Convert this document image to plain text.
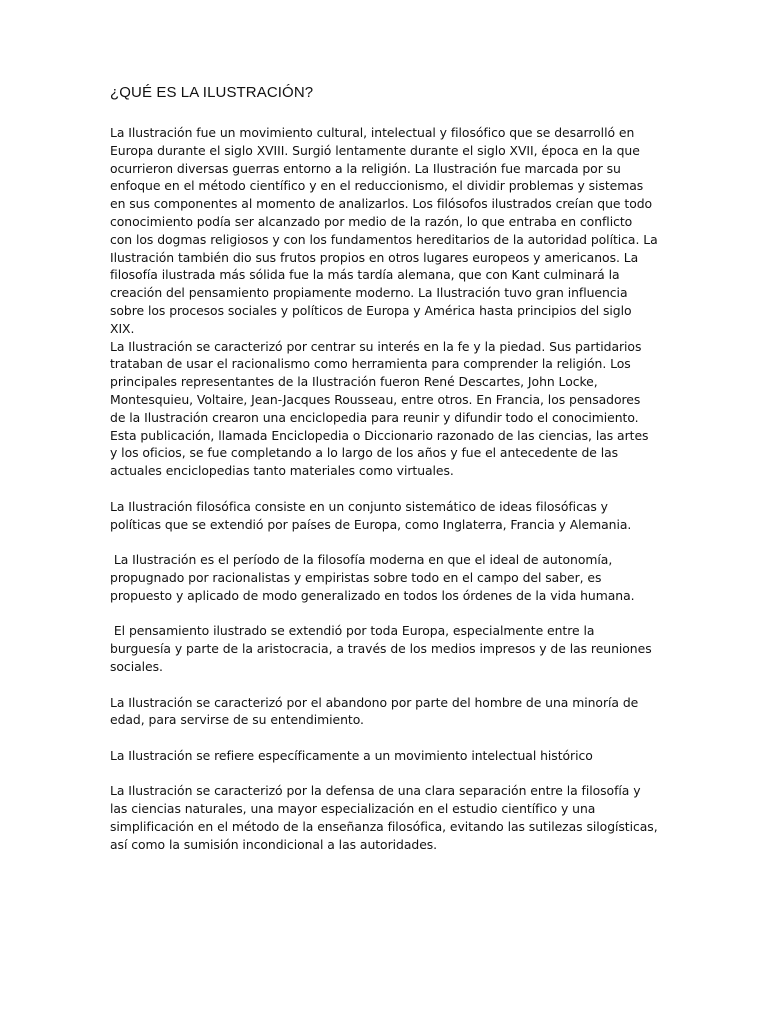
¿QUÉ ES LA ILUSTRACIÓN?

La Ilustración fue un movimiento cultural, intelectual y filosófico que se desarrolló en Europa durante el siglo XVIII. Surgió lentamente durante el siglo XVII, época en la que ocurrieron diversas guerras entorno a la religión. La Ilustración fue marcada por su enfoque en el método científico y en el reduccionismo, el dividir problemas y sistemas en sus componentes al momento de analizarlos. Los filósofos ilustrados creían que todo conocimiento podía ser alcanzado por medio de la razón, lo que entraba en conflicto con los dogmas religiosos y con los fundamentos hereditarios de la autoridad política. La Ilustración también dio sus frutos propios en otros lugares europeos y americanos. La filosofía ilustrada más sólida fue la más tardía alemana, que con Kant culminará la creación del pensamiento propiamente moderno. La Ilustración tuvo gran influencia sobre los procesos sociales y políticos de Europa y América hasta principios del siglo XIX.

La Ilustración se caracterizó por centrar su interés en la fe y la piedad. Sus partidarios trataban de usar el racionalismo como herramienta para comprender la religión. Los principales representantes de la Ilustración fueron René Descartes, John Locke, Montesquieu, Voltaire, Jean-Jacques Rousseau, entre otros. En Francia, los pensadores de la Ilustración crearon una enciclopedia para reunir y difundir todo el conocimiento. Esta publicación, llamada Enciclopedia o Diccionario razonado de las ciencias, las artes y los oficios, se fue completando a lo largo de los años y fue el antecedente de las actuales enciclopedias tanto materiales como virtuales.

La Ilustración filosófica consiste en un conjunto sistemático de ideas filosóficas y políticas que se extendió por países de Europa, como Inglaterra, Francia y Alemania.

La Ilustración es el período de la filosofía moderna en que el ideal de autonomía, propugnado por racionalistas y empiristas sobre todo en el campo del saber, es propuesto y aplicado de modo generalizado en todos los órdenes de la vida humana.

El pensamiento ilustrado se extendió por toda Europa, especialmente entre la burguesía y parte de la aristocracia, a través de los medios impresos y de las reuniones sociales.

La Ilustración se caracterizó por el abandono por parte del hombre de una minoría de edad, para servirse de su entendimiento.

La Ilustración se refiere específicamente a un movimiento intelectual histórico

La Ilustración se caracterizó por la defensa de una clara separación entre la filosofía y las ciencias naturales, una mayor especialización en el estudio científico y una simplificación en el método de la enseñanza filosófica, evitando las sutilezas silogísticas, así como la sumisión incondicional a las autoridades.
